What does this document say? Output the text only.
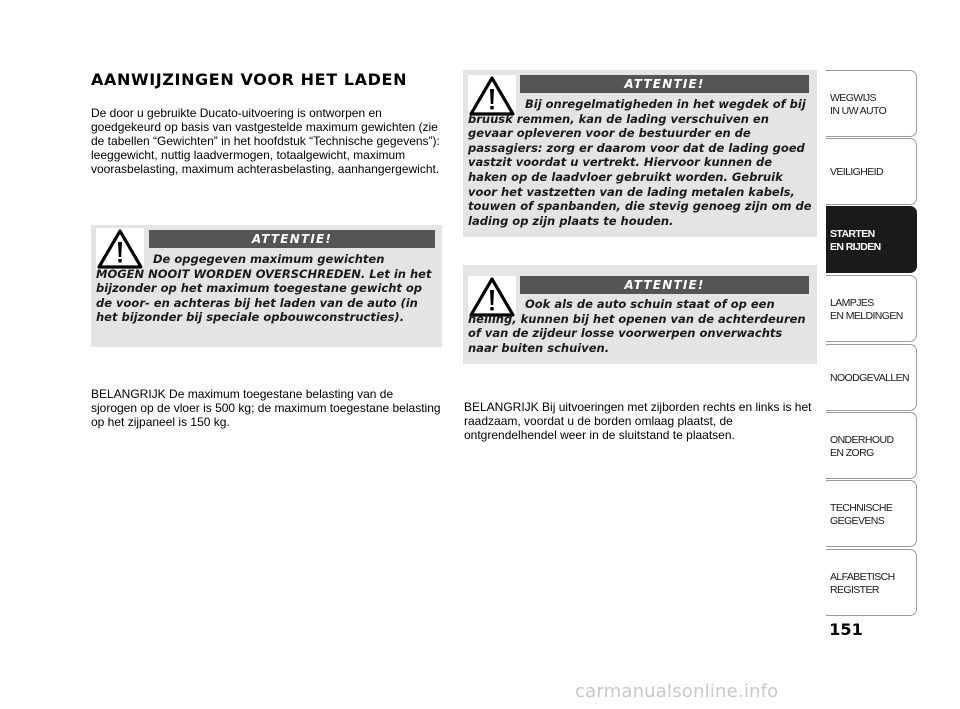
AANWIJZINGEN VOOR HET LADEN
De door u gebruikte Ducato-uitvoering is ontworpen en goedgekeurd op basis van vastgestelde maximum gewichten (zie de tabellen “Gewichten” in het hoofdstuk “Technische gegevens”): leeggewicht, nuttig laadvermogen, totaalgewicht, maximum voorasbelasting, maximum achterasbelasting, aanhangergewicht.
ATTENTIE!

De opgegeven maximum gewichten MOGEN NOOIT WORDEN OVERSCHREDEN. Let in het bijzonder op het maximum toegestane gewicht op de voor- en achteras bij het laden van de auto (in het bijzonder bij speciale opbouwconstructies).

ATTENTIE!

Bij onregelmatigheden in het wegdek of bij bruusk remmen, kan de lading verschuiven en gevaar opleveren voor de bestuurder en de passagiers: zorg er daarom voor dat de lading goed vastzit voordat u vertrekt. Hiervoor kunnen de haken op de laadvloer gebruikt worden. Gebruik voor het vastzetten van de lading metalen kabels, touwen of spanbanden, die stevig genoeg zijn om de lading op zijn plaats te houden.

ATTENTIE!

Ook als de auto schuin staat of op een helling, kunnen bij het openen van de achterdeuren of van de zijdeur losse voorwerpen onverwachts naar buiten schuiven.

BELANGRIJK De maximum toegestane belasting van de sjorogen op de vloer is 500 kg; de maximum toegestane belasting op het zijpaneel is 150 kg.
BELANGRIJK Bij uitvoeringen met zijborden rechts en links is het raadzaam, voordat u de borden omlaag plaatst, de ontgrendelhendel weer in de sluitstand te plaatsen.
WEGWIJS
IN UW AUTO
VEILIGHEID
STARTEN
EN RIJDEN
LAMPJES
EN MELDINGEN
NOODGEVALLEN
ONDERHOUD
EN ZORG
TECHNISCHE
GEGEVENS
ALFABETISCH
REGISTER
151
carmanualsonline.info
